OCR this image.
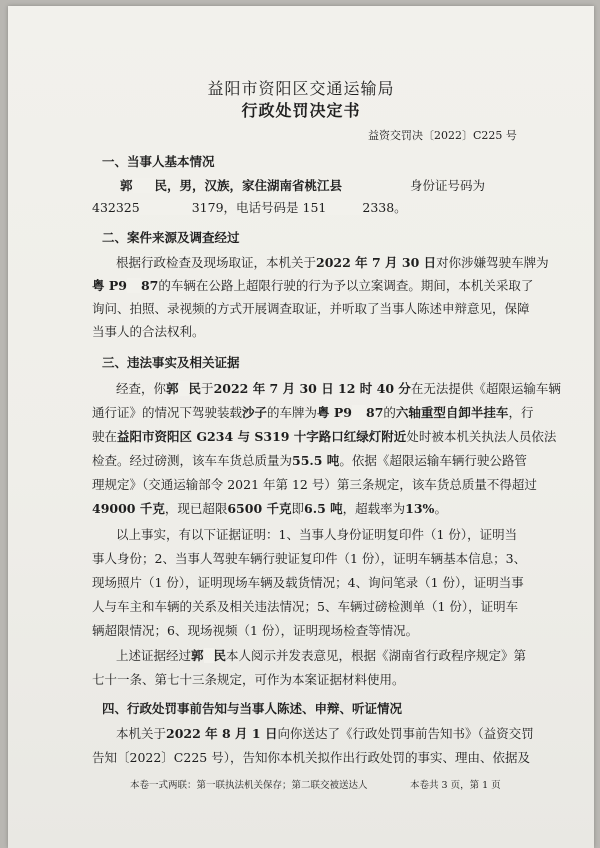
益阳市资阳区交通运输局
行政处罚决定书
益资交罚决〔2022〕C225 号
一、当事人基本情况
郭 民，男，汉族，家住湖南省桃江县	身份证号码为
432325	3179，电话号码是 151	2338。
二、案件来源及调查经过
根据行政检查及现场取证，本机关于2022 年 7 月 30 日对你涉嫌驾驶车牌为
粤 P9 87的车辆在公路上超限行驶的行为予以立案调查。期间，本机关采取了
询问、拍照、录视频的方式开展调查取证，并听取了当事人陈述申辩意见，保障
当事人的合法权利。
三、违法事实及相关证据
经查，你郭 民于2022 年 7 月 30 日 12 时 40 分在无法提供《超限运输车辆
通行证》的情况下驾驶装载沙子的车牌为粤 P9 87的六轴重型自卸半挂车，行
驶在益阳市资阳区 G234 与 S319 十字路口红绿灯附近处时被本机关执法人员依法
检查。经过磅测，该车车货总质量为55.5 吨。依据《超限运输车辆行驶公路管
理规定》（交通运输部令 2021 年第 12 号）第三条规定，该车货总质量不得超过
49000 千克，现已超限6500 千克即6.5 吨，超载率为13%。
以上事实，有以下证据证明：1、当事人身份证明复印件（1 份），证明当
事人身份；2、当事人驾驶车辆行驶证复印件（1 份），证明车辆基本信息；3、
现场照片（1 份），证明现场车辆及载货情况；4、询问笔录（1 份），证明当事
人与车主和车辆的关系及相关违法情况；5、车辆过磅检测单（1 份），证明车
辆超限情况；6、现场视频（1 份），证明现场检查等情况。
上述证据经过郭 民本人阅示并发表意见，根据《湖南省行政程序规定》第
七十一条、第七十三条规定，可作为本案证据材料使用。
四、行政处罚事前告知与当事人陈述、申辩、听证情况
本机关于2022 年 8 月 1 日向你送达了《行政处罚事前告知书》（益资交罚
告知〔2022〕C225 号），告知你本机关拟作出行政处罚的事实、理由、依据及
本卷一式两联：第一联执法机关保存；第二联交被送达人	本卷共 3 页，第 1 页
